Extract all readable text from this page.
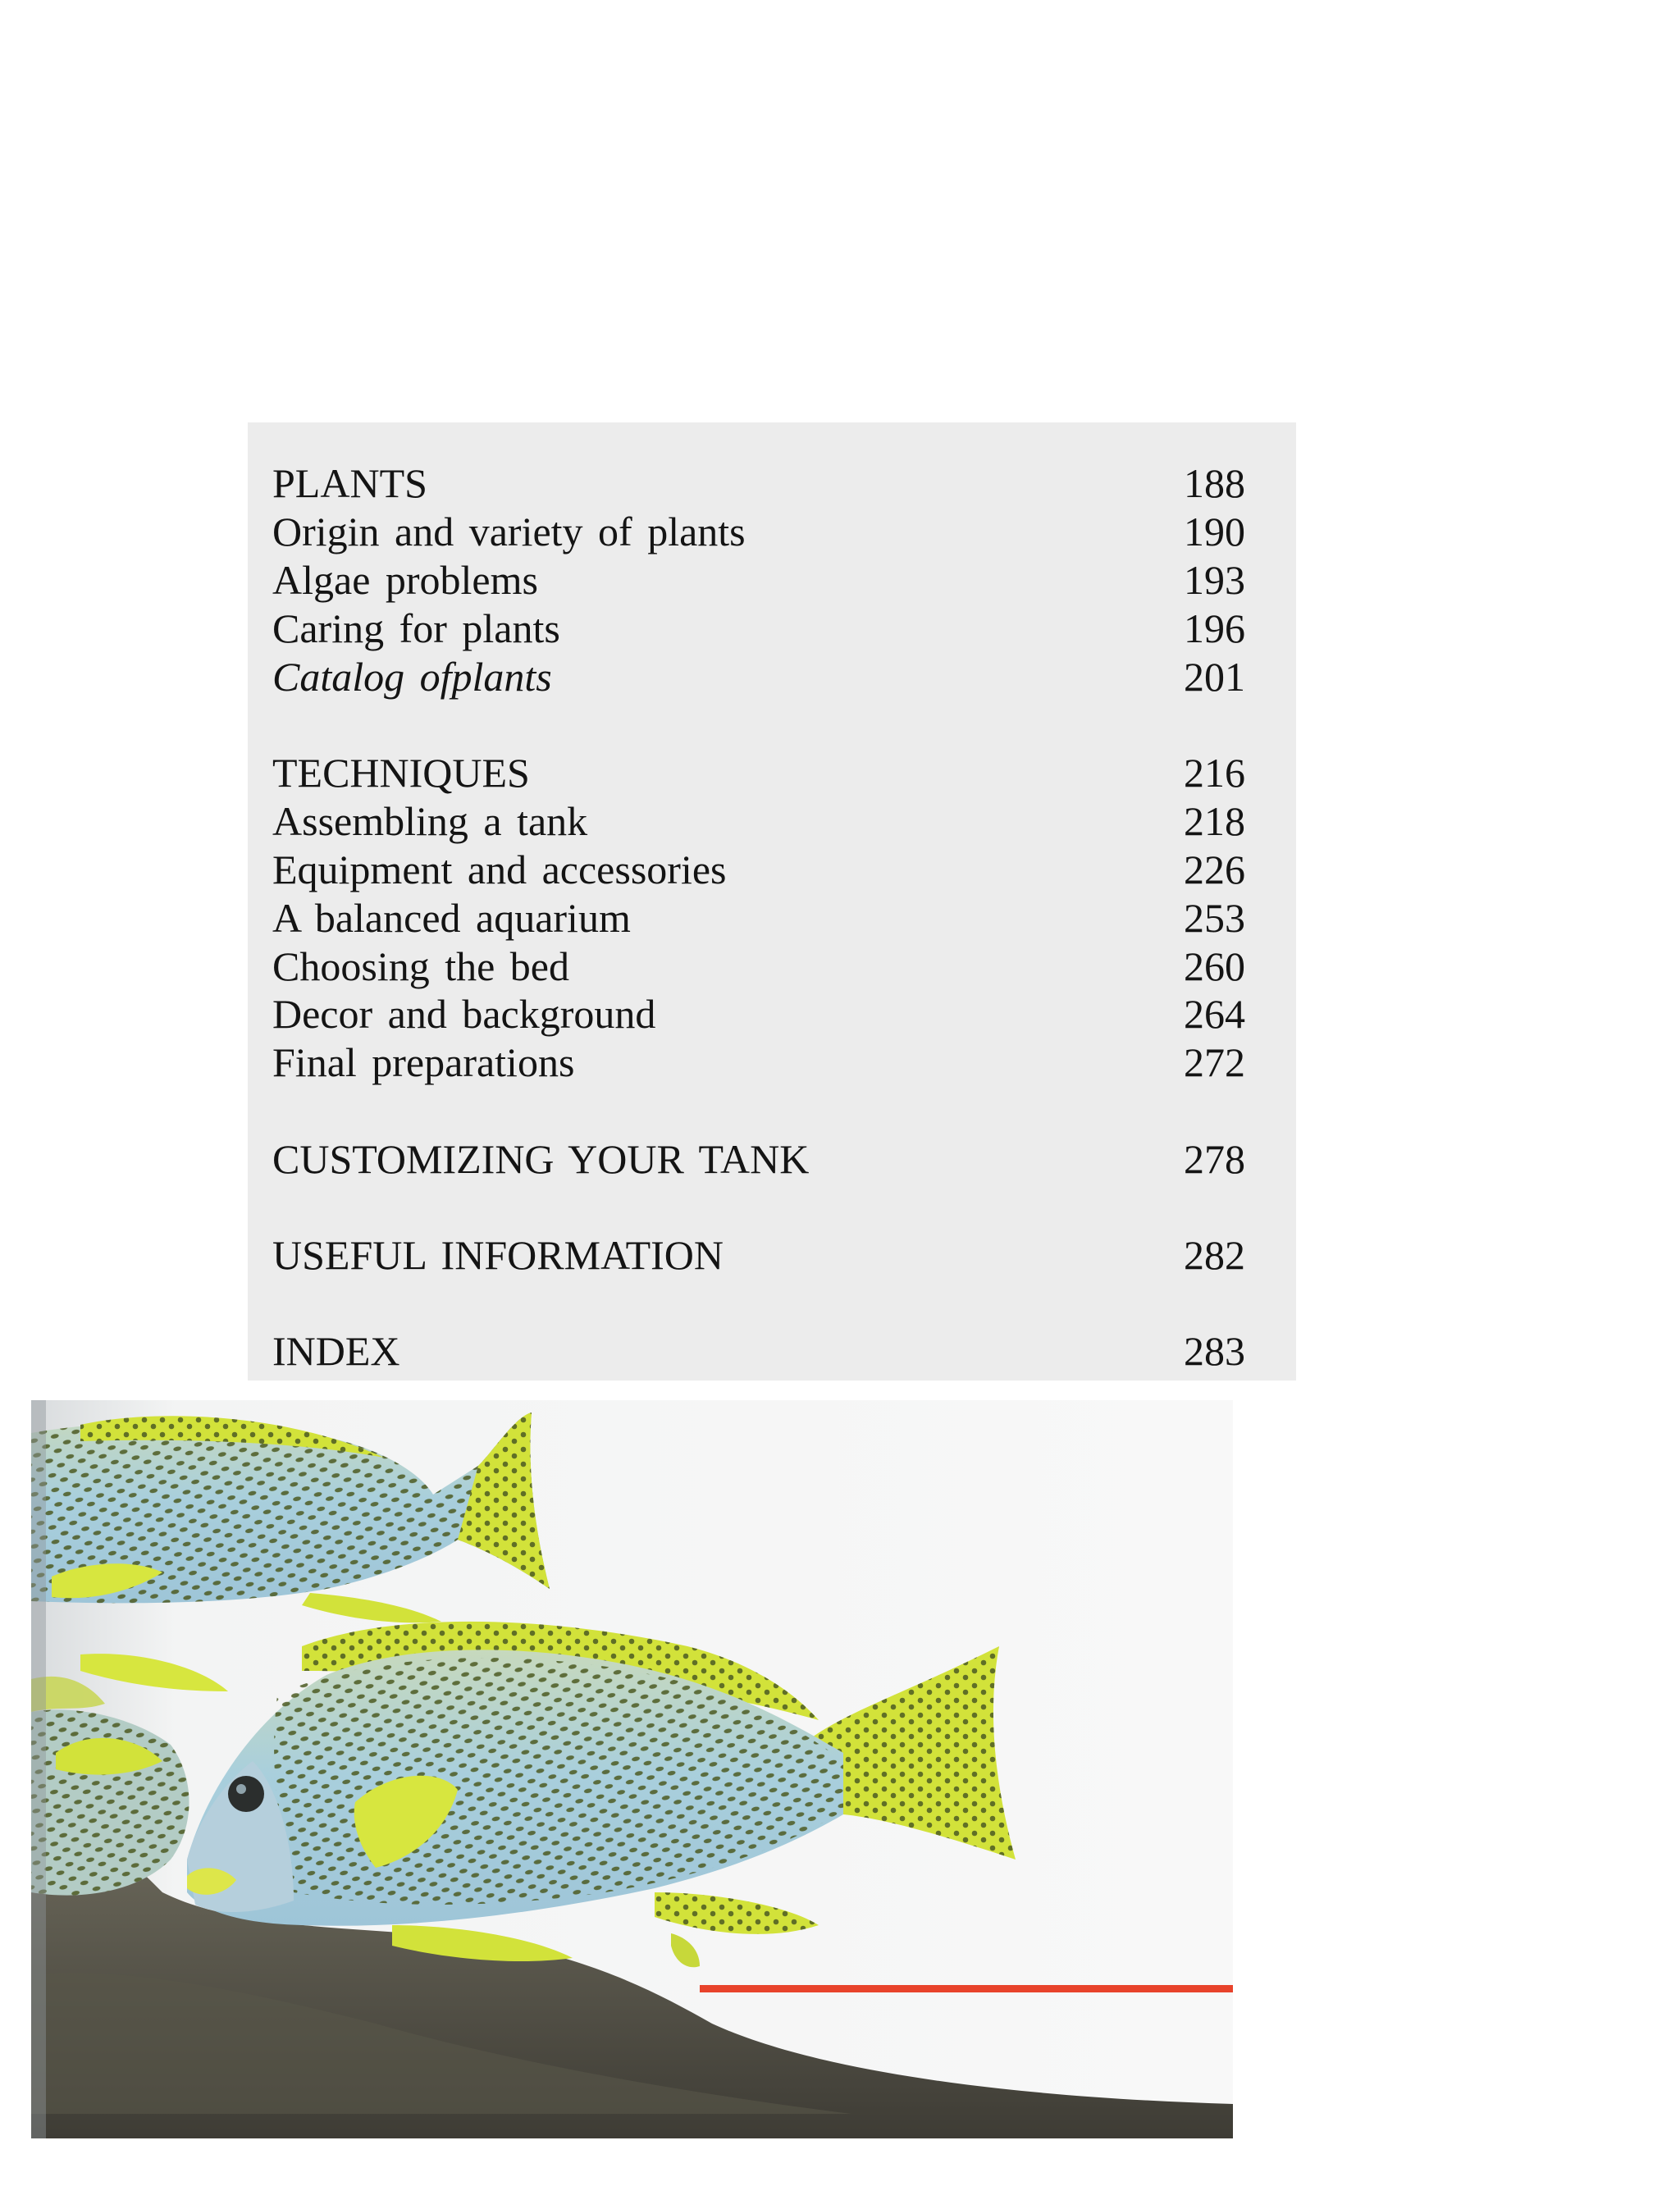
PLANTS	188
Origin and variety of plants	190
Algae problems	193
Caring for plants	196
Catalog ofplants	201
TECHNIQUES	216
Assembling a tank	218
Equipment and accessories	226
A balanced aquarium	253
Choosing the bed	260
Decor and background	264
Final preparations	272
CUSTOMIZING YOUR TANK	278
USEFUL INFORMATION	282
INDEX	283
